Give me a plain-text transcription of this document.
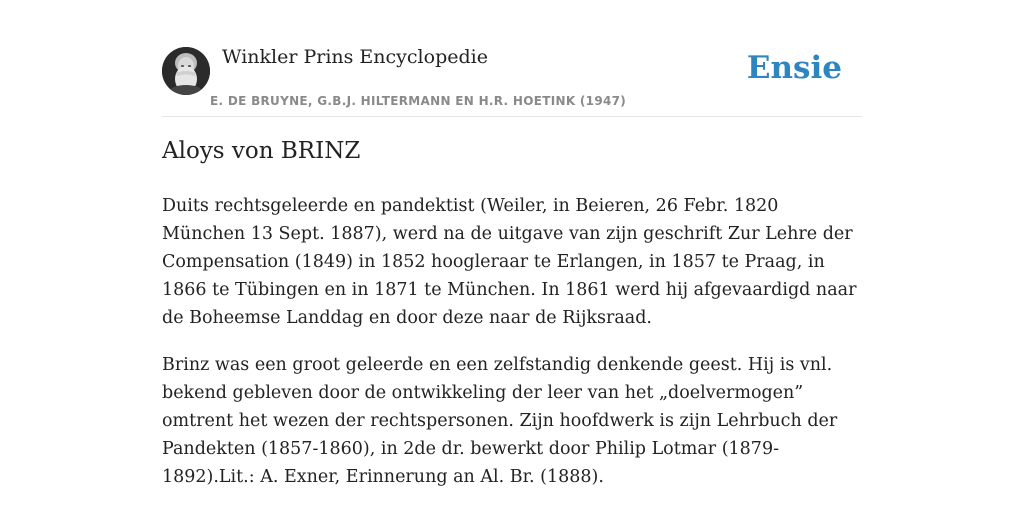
Winkler Prins Encyclopedie
E. DE BRUYNE, G.B.J. HILTERMANN EN H.R. HOETINK (1947)
Ensie
Aloys von BRINZ

Duits rechtsgeleerde en pandektist (Weiler, in Beieren, 26 Febr. 1820 München 13 Sept. 1887), werd na de uitgave van zijn geschrift Zur Lehre der Compensation (1849) in 1852 hoogleraar te Erlangen, in 1857 te Praag, in 1866 te Tübingen en in 1871 te München. In 1861 werd hij afgevaardigd naar de Boheemse Landdag en door deze naar de Rijksraad.

Brinz was een groot geleerde en een zelfstandig denkende geest. Hij is vnl. bekend gebleven door de ontwikkeling der leer van het „doelvermogen” omtrent het wezen der rechtspersonen. Zijn hoofdwerk is zijn Lehrbuch der Pandekten (1857-1860), in 2de dr. bewerkt door Philip Lotmar (1879-1892).Lit.: A. Exner, Erinnerung an Al. Br. (1888).
